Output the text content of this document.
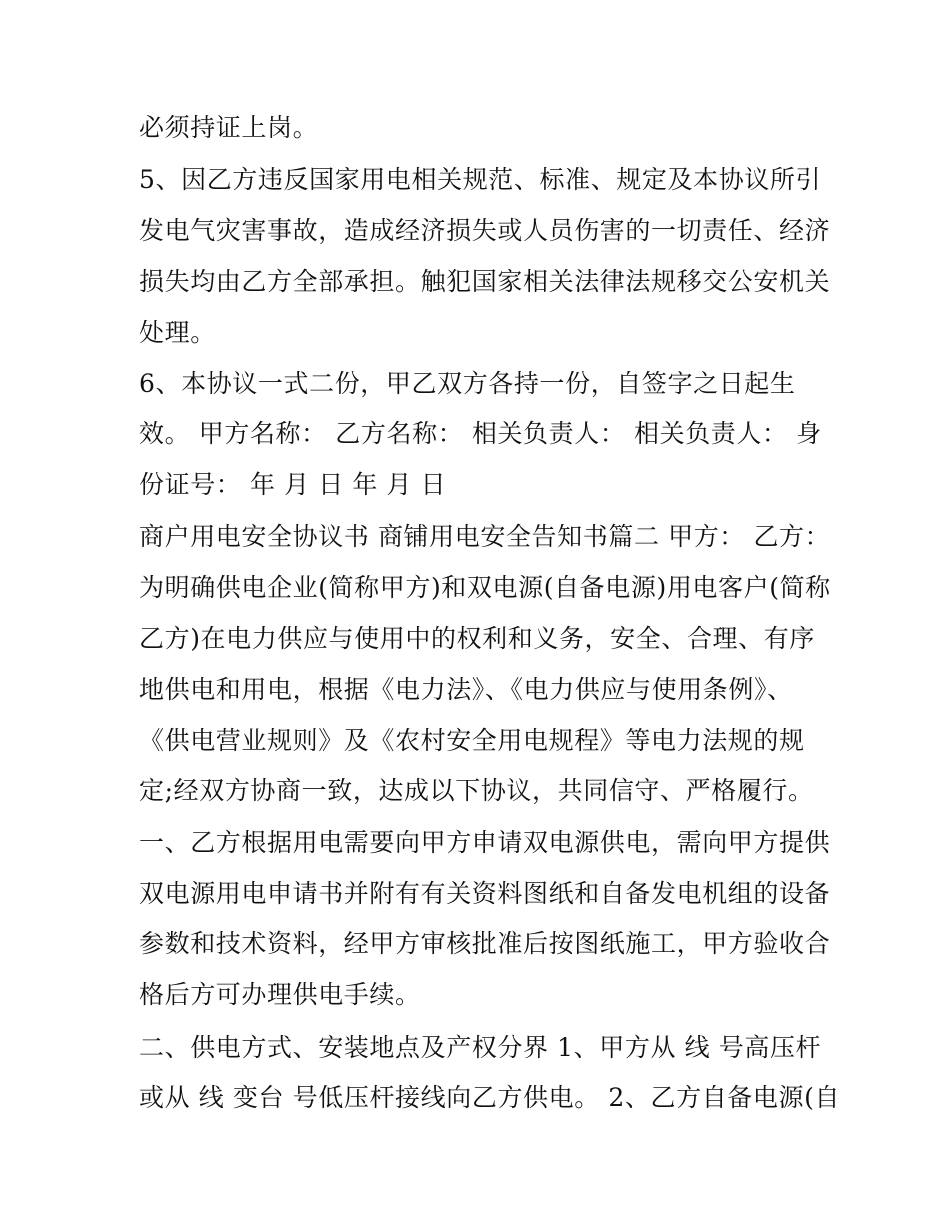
必须持证上岗。
5、因乙方违反国家用电相关规范、标准、规定及本协议所引
发电气灾害事故，造成经济损失或人员伤害的一切责任、经济
损失均由乙方全部承担。触犯国家相关法律法规移交公安机关
处理。
6、本协议一式二份，甲乙双方各持一份，自签字之日起生
效。 甲方名称： 乙方名称： 相关负责人： 相关负责人： 身
份证号： 年 月 日 年 月 日
商户用电安全协议书 商铺用电安全告知书篇二 甲方： 乙方：
为明确供电企业(简称甲方)和双电源(自备电源)用电客户(简称
乙方)在电力供应与使用中的权利和义务，安全、合理、有序
地供电和用电，根据《电力法》、《电力供应与使用条例》、
《供电营业规则》及《农村安全用电规程》等电力法规的规
定;经双方协商一致，达成以下协议，共同信守、严格履行。
一、乙方根据用电需要向甲方申请双电源供电，需向甲方提供
双电源用电申请书并附有有关资料图纸和自备发电机组的设备
参数和技术资料，经甲方审核批准后按图纸施工，甲方验收合
格后方可办理供电手续。
二、供电方式、安装地点及产权分界 1、甲方从 线 号高压杆
或从 线 变台 号低压杆接线向乙方供电。 2、乙方自备电源(自
